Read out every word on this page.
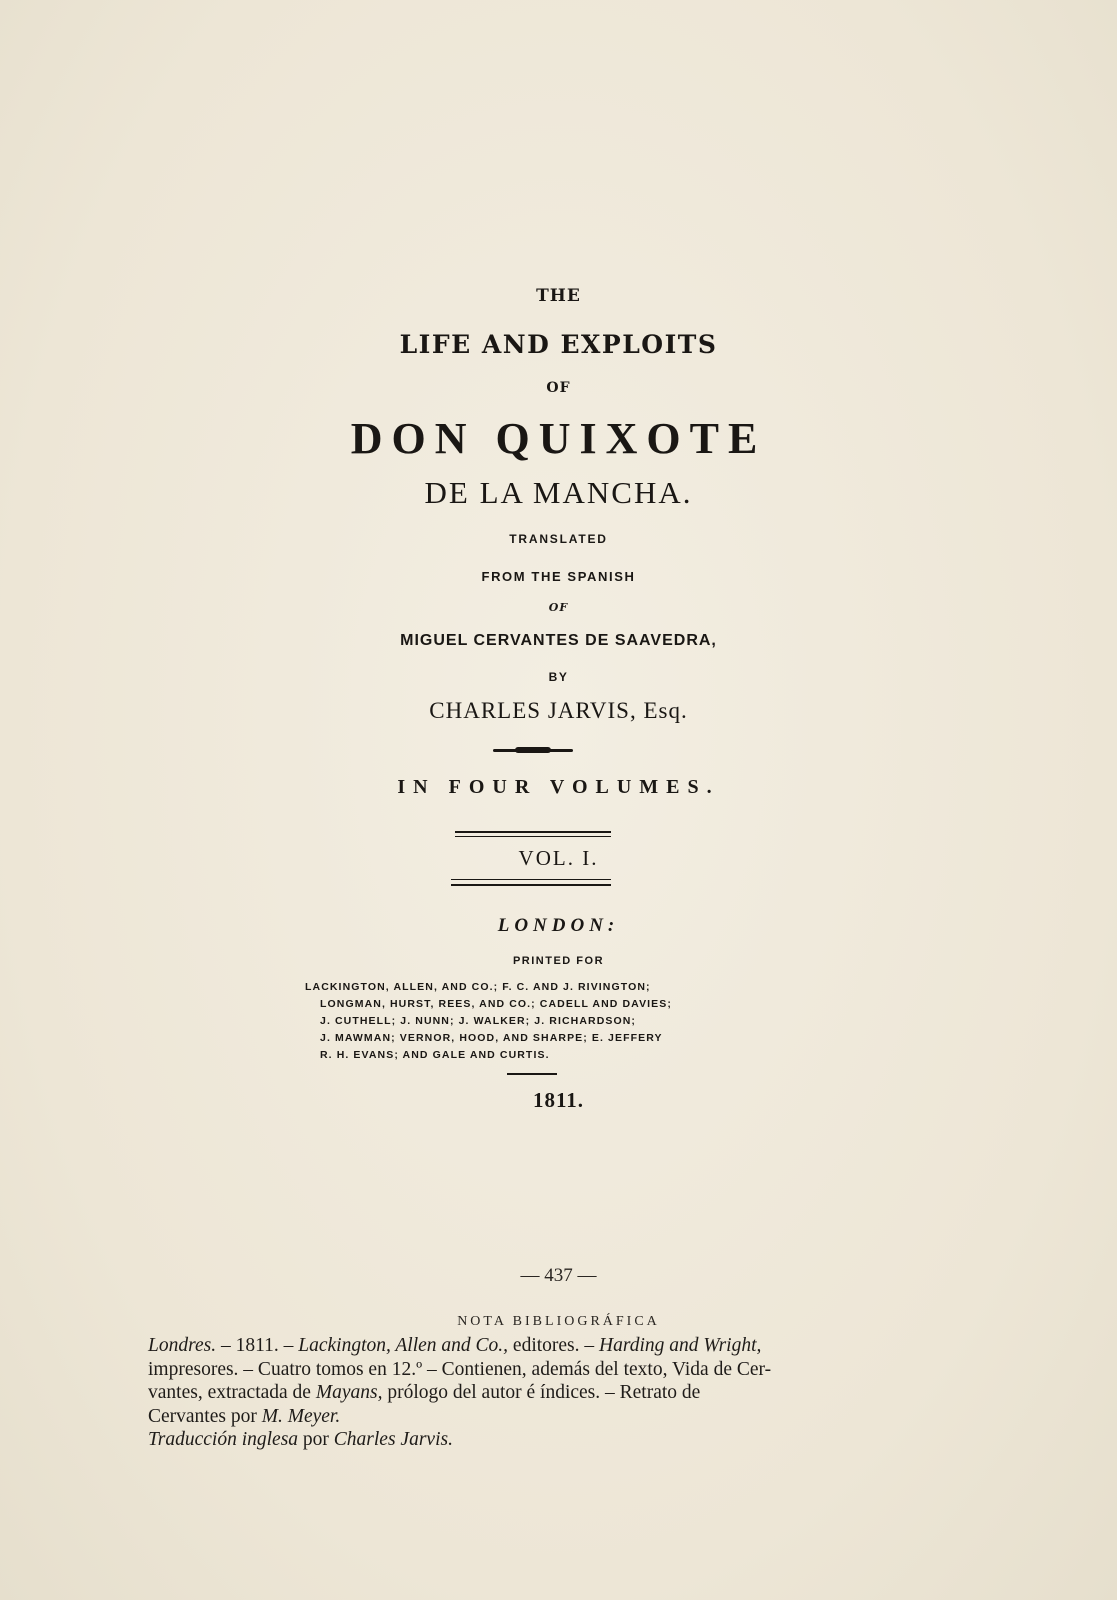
THE
LIFE AND EXPLOITS
OF
DON QUIXOTE
DE LA MANCHA.
TRANSLATED
FROM THE SPANISH
OF
MIGUEL CERVANTES DE SAAVEDRA,
BY
CHARLES JARVIS, Esq.
IN FOUR VOLUMES.
VOL. I.
LONDON:
PRINTED FOR
LACKINGTON, ALLEN, AND CO.; F. C. AND J. RIVINGTON;
LONGMAN, HURST, REES, AND CO.; CADELL AND DAVIES;
J. CUTHELL; J. NUNN; J. WALKER; J. RICHARDSON;
J. MAWMAN; VERNOR, HOOD, AND SHARPE; E. JEFFERY
R. H. EVANS; AND GALE AND CURTIS.
1811.
— 437 —
NOTA BIBLIOGRÁFICA
Londres. – 1811. – Lackington, Allen and Co., editores. – Harding and Wright,
impresores. – Cuatro tomos en 12.º – Contienen, además del texto, Vida de Cer-
vantes, extractada de Mayans, prólogo del autor é índices. – Retrato de
Cervantes por M. Meyer.
Traducción inglesa por Charles Jarvis.
